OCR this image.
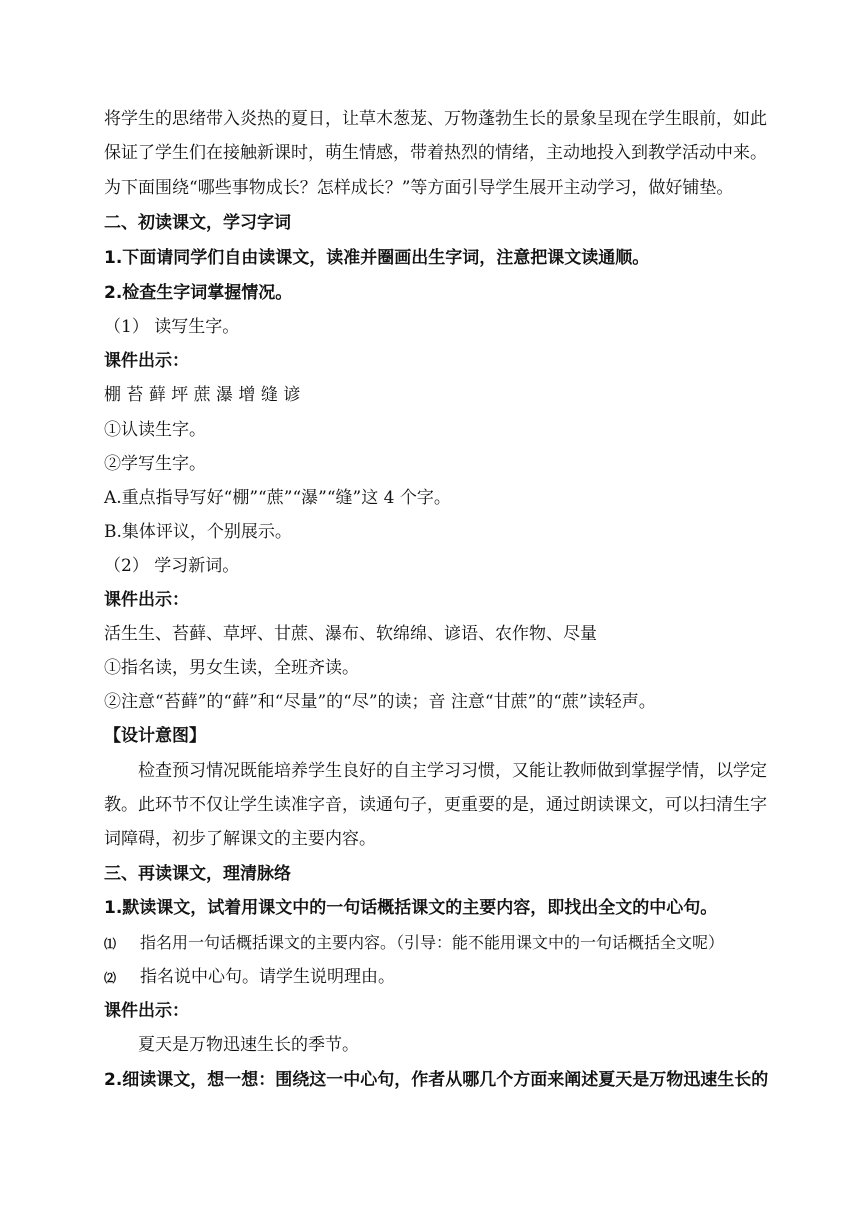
将学生的思绪带入炎热的夏日，让草木葱茏、万物蓬勃生长的景象呈现在学生眼前，如此
保证了学生们在接触新课时，萌生情感，带着热烈的情绪，主动地投入到教学活动中来。
为下面围绕“哪些事物成长？怎样成长？”等方面引导学生展开主动学习，做好铺垫。
二、初读课文，学习字词
1.下面请同学们自由读课文，读准并圈画出生字词，注意把课文读通顺。
2.检查生字词掌握情况。
（1） 读写生字。
课件出示：
棚 苔 藓 坪 蔗 瀑 增 缝 谚
①认读生字。
②学写生字。
A.重点指导写好“棚”“蔗”“瀑”“缝”这 4 个字。
B.集体评议，个别展示。
（2） 学习新词。
课件出示：
活生生、苔藓、草坪、甘蔗、瀑布、软绵绵、谚语、农作物、尽量
①指名读，男女生读，全班齐读。
②注意“苔藓”的“藓”和“尽量”的“尽”的读；音 注意“甘蔗”的“蔗”读轻声。
【设计意图】
检查预习情况既能培养学生良好的自主学习习惯，又能让教师做到掌握学情，以学定
教。此环节不仅让学生读准字音，读通句子，更重要的是，通过朗读课文，可以扫清生字
词障碍，初步了解课文的主要内容。
三、再读课文，理清脉络
1.默读课文，试着用课文中的一句话概括课文的主要内容，即找出全文的中心句。
⑴ 指名用一句话概括课文的主要内容。（引导：能不能用课文中的一句话概括全文呢）
⑵ 指名说中心句。请学生说明理由。
课件出示：
夏天是万物迅速生长的季节。
2.细读课文，想一想：围绕这一中心句，作者从哪几个方面来阐述夏天是万物迅速生长的
